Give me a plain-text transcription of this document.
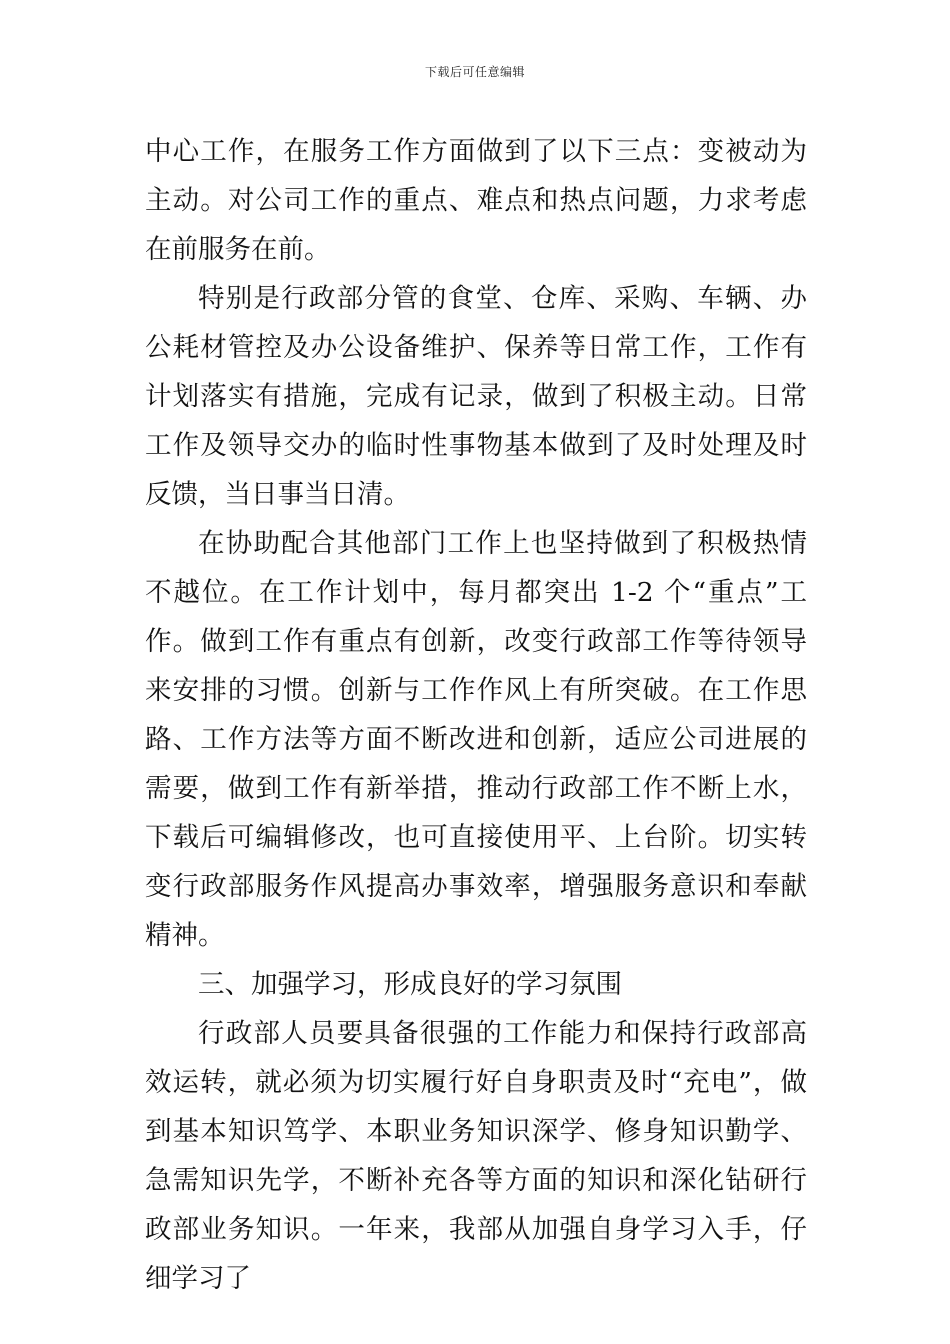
下载后可任意编辑

中心工作，在服务工作方面做到了以下三点：变被动为主动。对公司工作的重点、难点和热点问题，力求考虑在前服务在前。

特别是行政部分管的食堂、仓库、采购、车辆、办公耗材管控及办公设备维护、保养等日常工作，工作有计划落实有措施，完成有记录，做到了积极主动。日常工作及领导交办的临时性事物基本做到了及时处理及时反馈，当日事当日清。

在协助配合其他部门工作上也坚持做到了积极热情不越位。在工作计划中，每月都突出 1-2 个“重点”工作。做到工作有重点有创新，改变行政部工作等待领导来安排的习惯。创新与工作作风上有所突破。在工作思路、工作方法等方面不断改进和创新，适应公司进展的需要，做到工作有新举措，推动行政部工作不断上水，下载后可编辑修改，也可直接使用平、上台阶。切实转变行政部服务作风提高办事效率，增强服务意识和奉献精神。

三、加强学习，形成良好的学习氛围

行政部人员要具备很强的工作能力和保持行政部高效运转，就必须为切实履行好自身职责及时“充电”，做到基本知识笃学、本职业务知识深学、修身知识勤学、急需知识先学，不断补充各等方面的知识和深化钻研行政部业务知识。一年来，我部从加强自身学习入手，仔细学习了
